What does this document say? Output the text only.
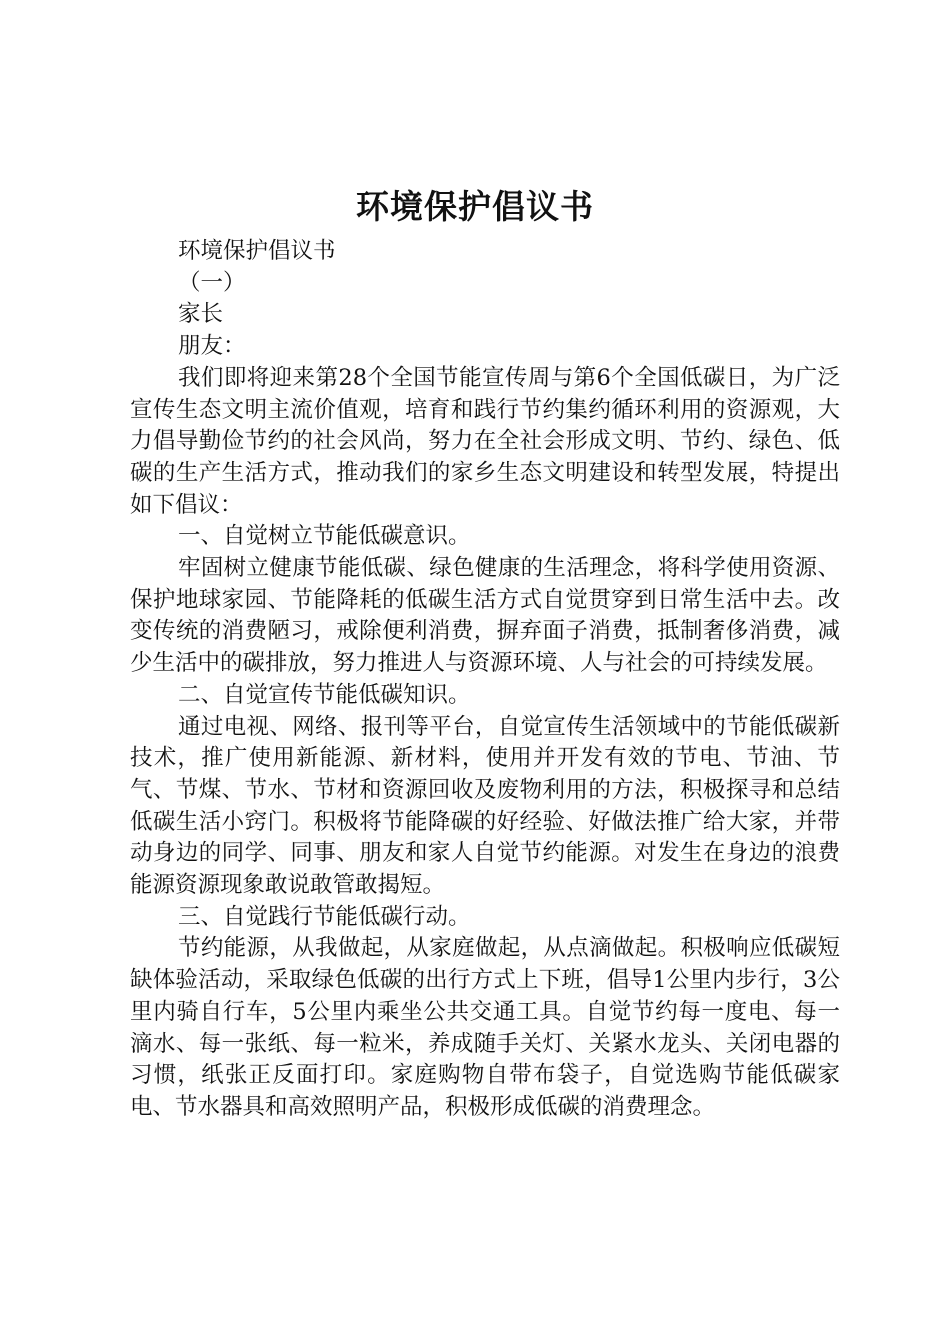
环境保护倡议书

环境保护倡议书

（一）

家长

朋友：

我们即将迎来第28个全国节能宣传周与第6个全国低碳日，为广泛宣传生态文明主流价值观，培育和践行节约集约循环利用的资源观，大力倡导勤俭节约的社会风尚，努力在全社会形成文明、节约、绿色、低碳的生产生活方式，推动我们的家乡生态文明建设和转型发展，特提出如下倡议：

一、自觉树立节能低碳意识。

牢固树立健康节能低碳、绿色健康的生活理念，将科学使用资源、保护地球家园、节能降耗的低碳生活方式自觉贯穿到日常生活中去。改变传统的消费陋习，戒除便利消费，摒弃面子消费，抵制奢侈消费，减少生活中的碳排放，努力推进人与资源环境、人与社会的可持续发展。

二、自觉宣传节能低碳知识。

通过电视、网络、报刊等平台，自觉宣传生活领域中的节能低碳新技术，推广使用新能源、新材料，使用并开发有效的节电、节油、节气、节煤、节水、节材和资源回收及废物利用的方法，积极探寻和总结低碳生活小窍门。积极将节能降碳的好经验、好做法推广给大家，并带动身边的同学、同事、朋友和家人自觉节约能源。对发生在身边的浪费能源资源现象敢说敢管敢揭短。

三、自觉践行节能低碳行动。

节约能源，从我做起，从家庭做起，从点滴做起。积极响应低碳短缺体验活动，采取绿色低碳的出行方式上下班，倡导1公里内步行，3公里内骑自行车，5公里内乘坐公共交通工具。自觉节约每一度电、每一滴水、每一张纸、每一粒米，养成随手关灯、关紧水龙头、关闭电器的习惯，纸张正反面打印。家庭购物自带布袋子，自觉选购节能低碳家电、节水器具和高效照明产品，积极形成低碳的消费理念。
